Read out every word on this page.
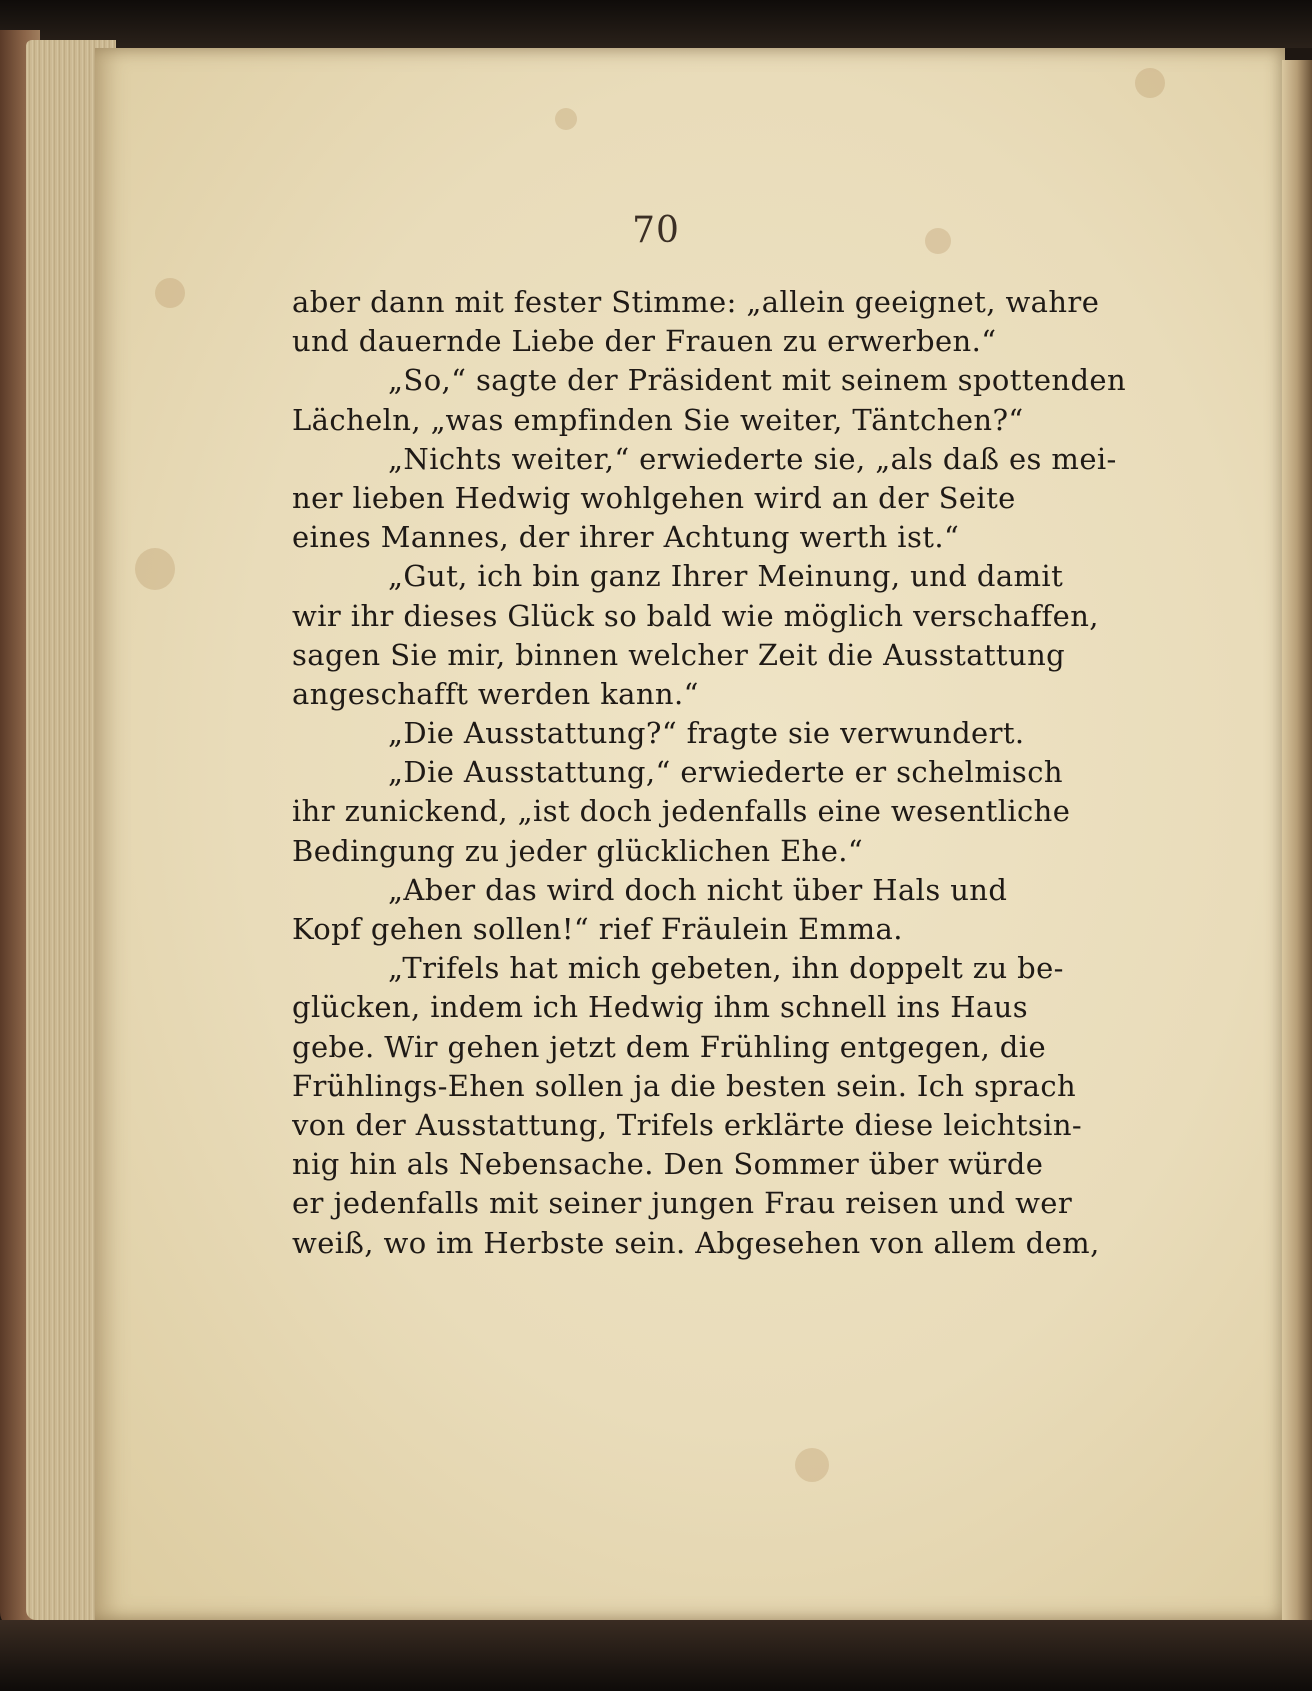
70
aber dann mit fester Stimme: „allein geeignet, wahre
und dauernde Liebe der Frauen zu erwerben.“
„So,“ sagte der Präsident mit seinem spottenden
Lächeln, „was empfinden Sie weiter, Täntchen?“
„Nichts weiter,“ erwiederte sie, „als daß es mei-
ner lieben Hedwig wohlgehen wird an der Seite
eines Mannes, der ihrer Achtung werth ist.“
„Gut, ich bin ganz Ihrer Meinung, und damit
wir ihr dieses Glück so bald wie möglich verschaffen,
sagen Sie mir, binnen welcher Zeit die Ausstattung
angeschafft werden kann.“
„Die Ausstattung?“ fragte sie verwundert.
„Die Ausstattung,“ erwiederte er schelmisch
ihr zunickend, „ist doch jedenfalls eine wesentliche
Bedingung zu jeder glücklichen Ehe.“
„Aber das wird doch nicht über Hals und
Kopf gehen sollen!“ rief Fräulein Emma.
„Trifels hat mich gebeten, ihn doppelt zu be-
glücken, indem ich Hedwig ihm schnell ins Haus
gebe. Wir gehen jetzt dem Frühling entgegen, die
Frühlings-Ehen sollen ja die besten sein. Ich sprach
von der Ausstattung, Trifels erklärte diese leichtsin-
nig hin als Nebensache. Den Sommer über würde
er jedenfalls mit seiner jungen Frau reisen und wer
weiß, wo im Herbste sein. Abgesehen von allem dem,
